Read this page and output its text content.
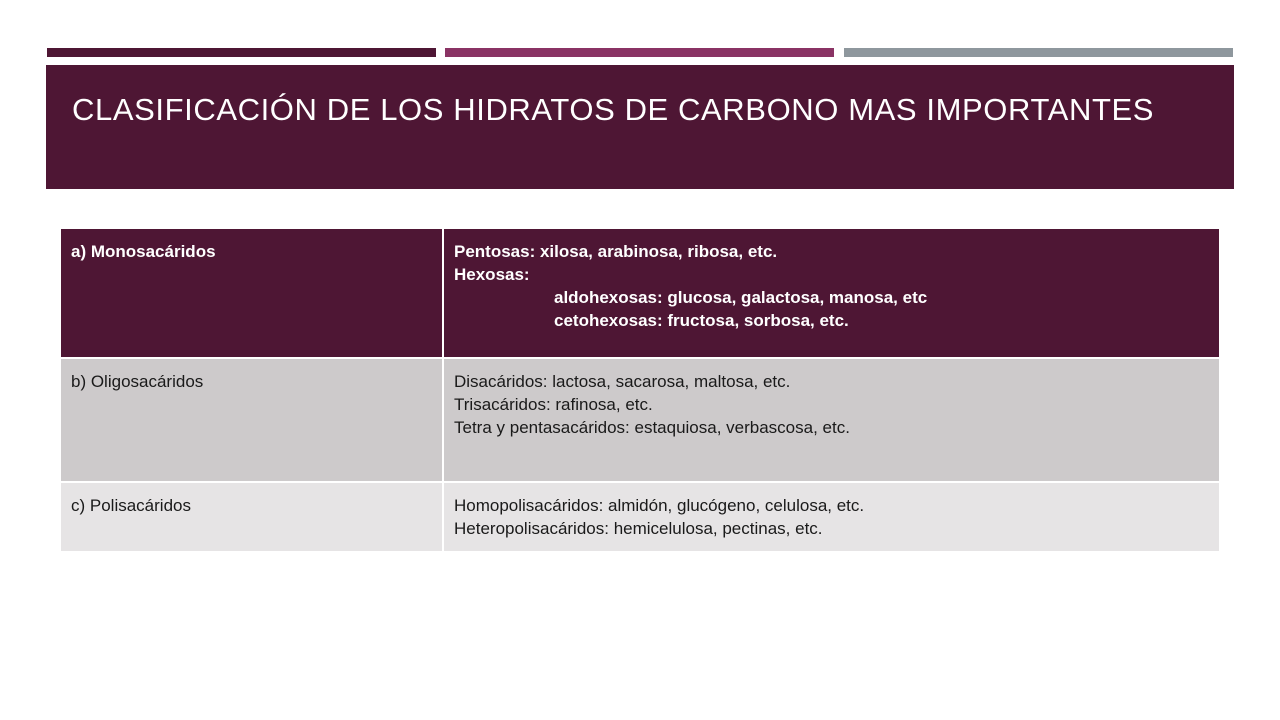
CLASIFICACIÓN DE LOS HIDRATOS DE CARBONO MAS IMPORTANTES
a) Monosacáridos	Pentosas: xilosa, arabinosa, ribosa, etc.
Hexosas:
aldohexosas: glucosa, galactosa, manosa, etc
cetohexosas: fructosa, sorbosa, etc.

b) Oligosacáridos	Disacáridos: lactosa, sacarosa, maltosa, etc.
Trisacáridos: rafinosa, etc.
Tetra y pentasacáridos: estaquiosa, verbascosa, etc.

c) Polisacáridos	Homopolisacáridos: almidón, glucógeno, celulosa, etc.
Heteropolisacáridos: hemicelulosa, pectinas, etc.
